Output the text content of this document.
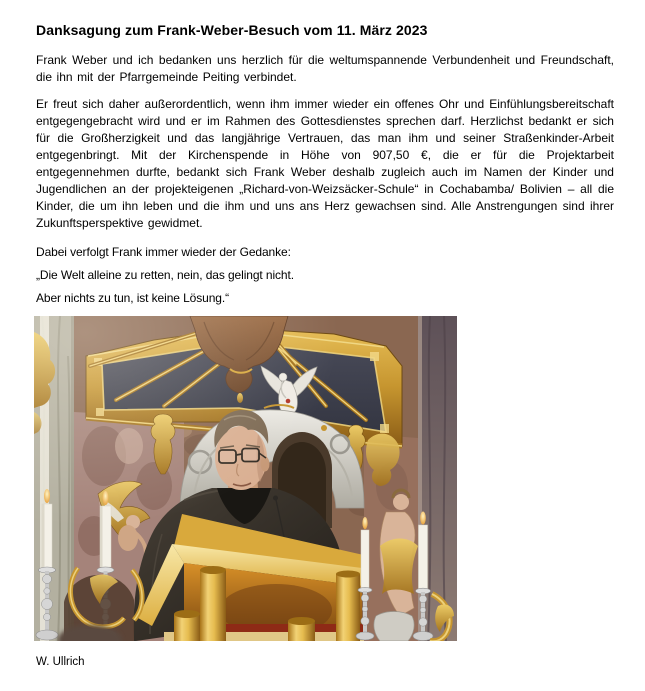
Danksagung zum Frank-Weber-Besuch vom 11. März 2023

Frank Weber und ich bedanken uns herzlich für die weltumspannende Verbundenheit und Freundschaft, die ihn mit der Pfarrgemeinde Peiting verbindet.

Er freut sich daher außerordentlich, wenn ihm immer wieder ein offenes Ohr und Einfühlungsbereitschaft entgegengebracht wird und er im Rahmen des Gottesdienstes sprechen darf. Herzlichst bedankt er sich für die Großherzigkeit und das langjährige Vertrauen, das man ihm und seiner Straßenkinder-Arbeit entgegenbringt. Mit der Kirchenspende in Höhe von 907,50 €, die er für die Projektarbeit entgegennehmen durfte, bedankt sich Frank Weber deshalb zugleich auch im Namen der Kinder und Jugendlichen an der projekteigenen „Richard-von-Weizsäcker-Schule“ in Cochabamba/ Bolivien – all die Kinder, die um ihn leben und die ihm und uns ans Herz gewachsen sind. Alle Anstrengungen sind ihrer Zukunftsperspektive gewidmet.

Dabei verfolgt Frank immer wieder der Gedanke:

„Die Welt alleine zu retten, nein, das gelingt nicht.

Aber nichts zu tun, ist keine Lösung.“

W. Ullrich
